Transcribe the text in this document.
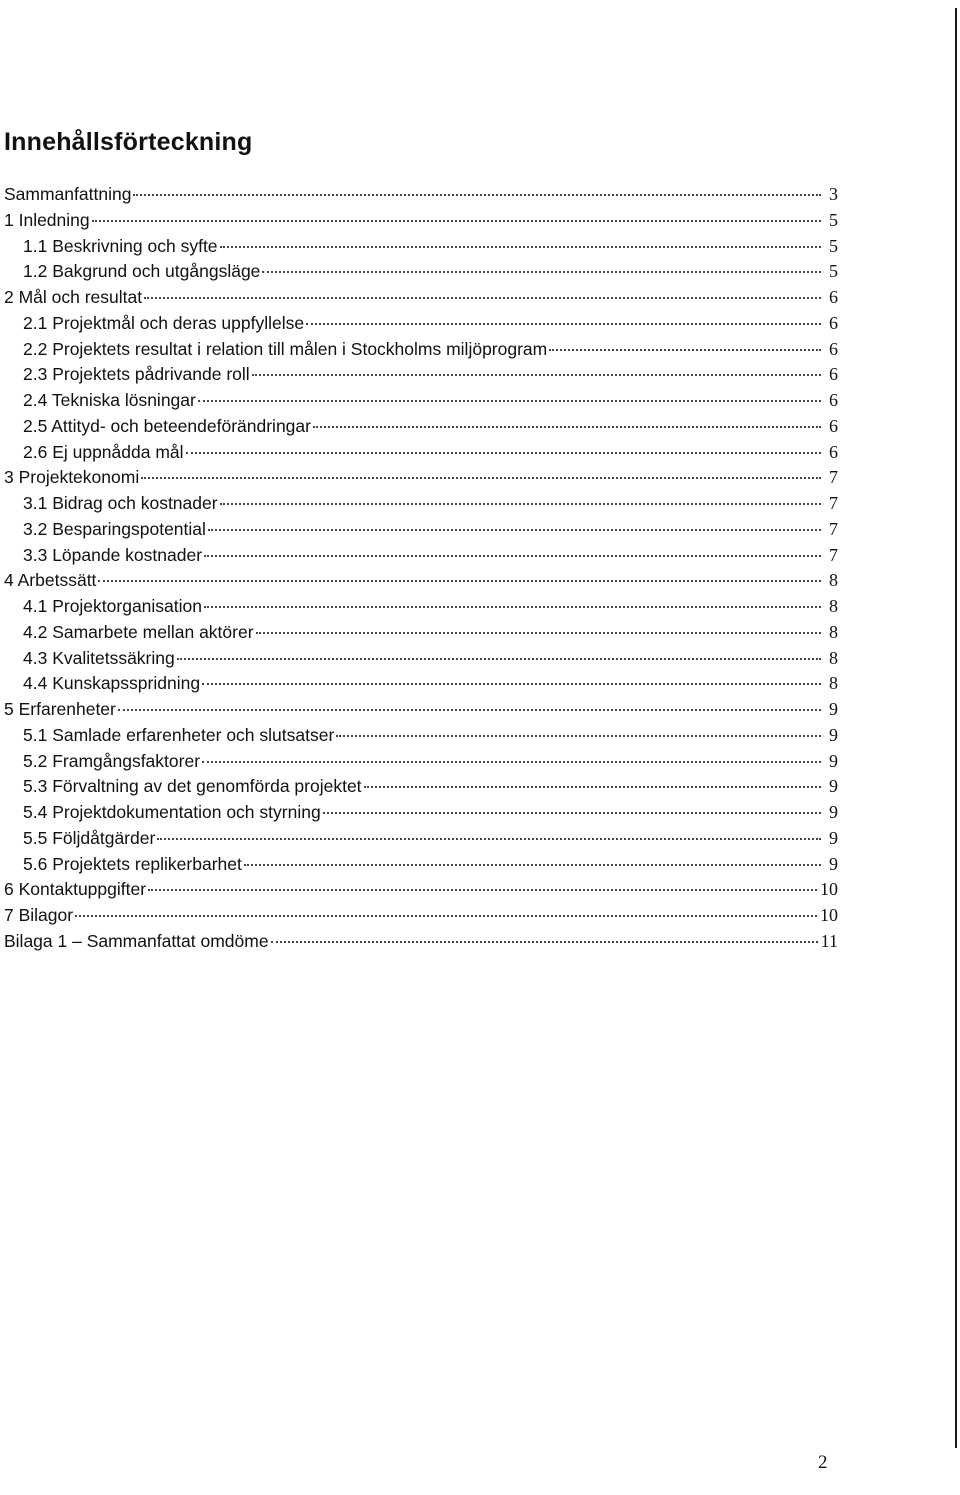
Innehållsförteckning
Sammanfattning	3
1 Inledning	5
1.1 Beskrivning och syfte	5
1.2 Bakgrund och utgångsläge	5
2 Mål och resultat	6
2.1 Projektmål och deras uppfyllelse	6
2.2 Projektets resultat i relation till målen i Stockholms miljöprogram	6
2.3 Projektets pådrivande roll	6
2.4 Tekniska lösningar	6
2.5 Attityd- och beteendeförändringar	6
2.6 Ej uppnådda mål	6
3 Projektekonomi	7
3.1 Bidrag och kostnader	7
3.2 Besparingspotential	7
3.3 Löpande kostnader	7
4 Arbetssätt	8
4.1 Projektorganisation	8
4.2 Samarbete mellan aktörer	8
4.3 Kvalitetssäkring	8
4.4 Kunskapsspridning	8
5 Erfarenheter	9
5.1 Samlade erfarenheter och slutsatser	9
5.2 Framgångsfaktorer	9
5.3 Förvaltning av det genomförda projektet	9
5.4 Projektdokumentation och styrning	9
5.5 Följdåtgärder	9
5.6 Projektets replikerbarhet	9
6 Kontaktuppgifter	10
7 Bilagor	10
Bilaga 1 – Sammanfattat omdöme	11
2
